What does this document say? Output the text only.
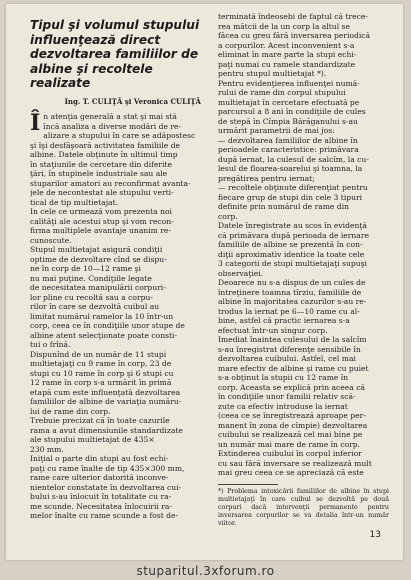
Tipul şi volumul stupului influenţează direct dezvoltarea familiilor de albine şi recoltele realizate
Ing. T. CULIŢĂ şi Veronica CULIŢĂ
Î n atenţia generală a stat şi mai stă
încă analiza a diverse modări de re-
alizare a stupului în care se adăpostesc
şi îşi desfăşoară activitatea familiile de
albine. Datele obţinute în ultimul timp
în staţiunile de cercetare din diferite
ţări, în stupinele industriale sau ale
stuparilor amatori au reconfirmat avanta-
jele de necontestat ale stupului verti-
tical de tip multietajat.
In cele ce urmează vom prezenta noi
calităţi ale acestui stup şi vom recon-
firma multiplele avantaje unanim re-
cunoscute.
Stupul multietajat asigură condiţii
optime de dezvoltare cînd se dispu-
ne în corp de 10—12 rame şi
nu mai puţine. Condiţiile legate
de necesitatea manipulării corpuri-
lor pline cu recoltă sau a corpu-
rilor în care se dezvoltă cuibul au
limitat numărul ramelor la 10 într-un
corp, ceea ce în condiţiile unor stupe de
albine atent selecţionate poate consti-
tui o frînă.
Dispunînd de un număr de 11 stupi
multietajaţi cu 9 rame în corp, 23 de
stupi cu 10 rame în corp şi 6 stupi cu
12 rame în corp s-a urmărit în primă
etapă cum este influenţată dezvoltarea
familiilor de albine de variaţia număru-
lui de rame din corp.
Trebuie precizat că în toate cazurile
rama a avut dimensiunile standardizate
ale stupului multietajat de 435×
230 mm.
Iniţial o parte din stupi au fost echi-
paţi cu rame înalte de tip 435×300 mm,
rame care ulterior datorită inconve-
nientelor constatate în dezvoltarea cui-
bului s-au înlocuit în totalitate cu ra-
me scunde. Necesitatea înlocuirii ra-
melor înalte cu rame scunde a fost de-
terminată îndeosebi de faptul că trece-
rea mătcii de la un corp la altul se
făcea cu greu fără inversarea periodică
a corpurilor. Acest inconvenient s-a
eliminat în mare parte la stupi echi-
paţi numai cu ramele standardizate
pentru stupul multietajat *).
Pentru evidenţierea influenţei numă-
rului de rame din corpul stupului
multietajat în cercetare efectuată pe
parcursul a 8 ani în condiţiile de cules
de stepă în Cîmpia Bărăganului s-au
urmărit parametrii de mai jos:
— dezvoltarea familiilor de albine în
perioadele caracteristice: primăvara
după iernat, la culesul de salcîm, la cu-
lesul de floarea-soarelui şi toamna, la
pregătirea pentru iernat;
— recoltele obţinute diferenţiat pentru
fiecare grup de stupi din cele 3 tipuri
definite prin numărul de rame din
corp.
Datele înregistrate au scos în evidenţă
că primăvara după perioada de iernare
familiile de albine se prezentă în con-
diţii aproximativ identice la toate cele
3 categorii de stupi multietajaţi supuşi
observaţiei.
Deoarece nu s-a dispus de un cules de
întreţinere toamna tîrziu, familiile de
albine în majoritatea cazurilor s-au re-
trodus la iernat pe 6—10 rame cu al-
bine, astfel că practic iernarea s-a
efectuat într-un singur corp.
Imediat înaintea culesului de la salcîm
s-au înregistrat diferenţe sensibile în
dezvoltarea cuibului. Astfel, cel mai
mare efectiv de albine şi rame cu puiet
s-a obţinut la stupii cu 12 rame în
corp. Aceasta se explică prin aceea că
în condiţiile unor familii relativ scă-
zute ca efectiv introduse la iernat
(ceea ce se înregistrează aproape per-
manent în zona de cîmpie) dezvoltarea
cuibului se realizează cel mai bine pe
un număr mai mare de rame în corp.
Extinderea cuibului în corpul inferior
cu sau fără inversare se realizează mult
mai greu ceea ce se apreciază că este
*) Problema intoxicării familiilor de albine în stupi multietajaţi în care cuibul se dezvoltă pe două corpuri dacă intervenţii permanente pentru inversarea corpurilor se va detalia într-un număr viitor.
13
stuparitul.3xforum.ro
